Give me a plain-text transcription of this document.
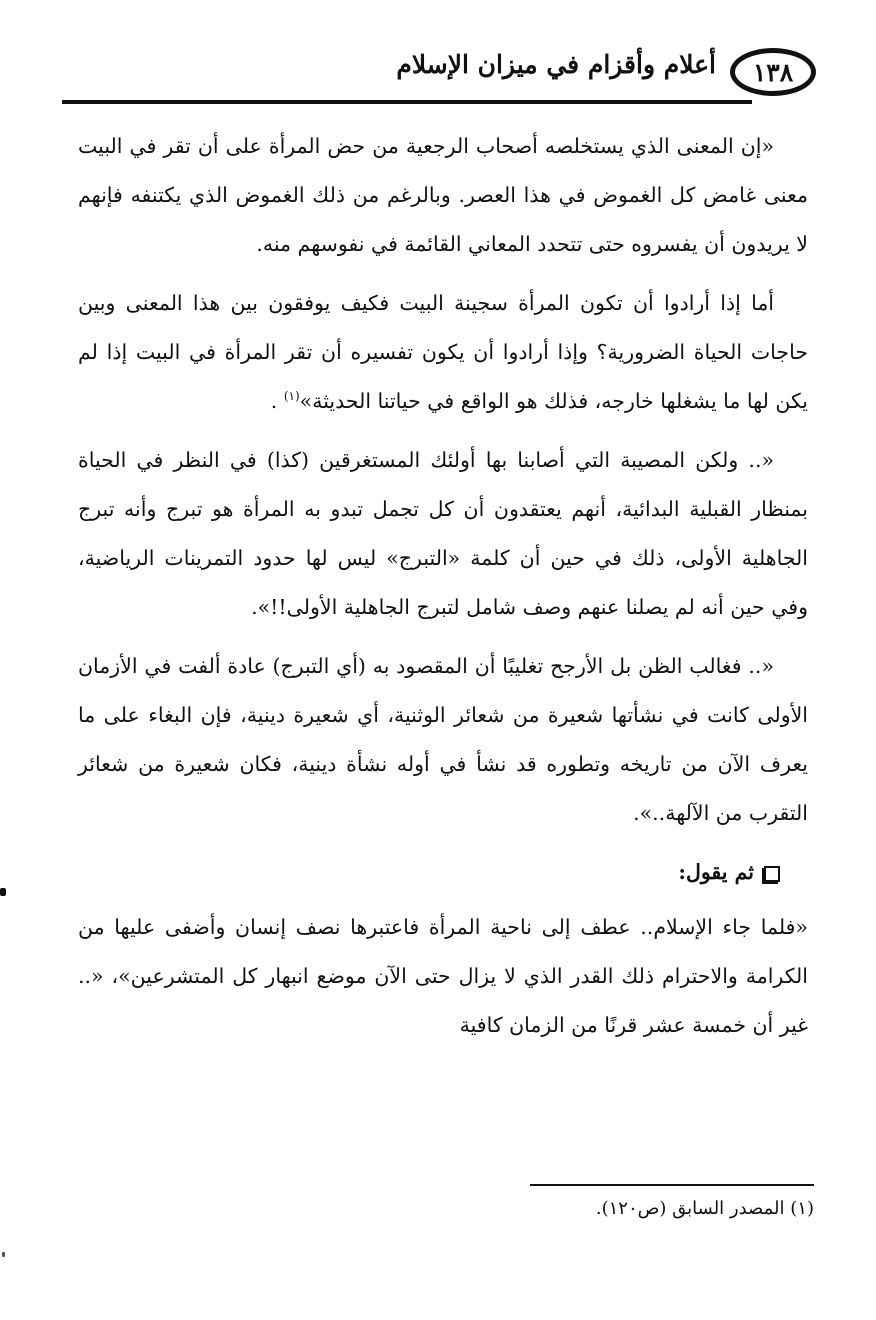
١٣٨
أعلام وأقزام في ميزان الإسلام

«إن المعنى الذي يستخلصه أصحاب الرجعية من حض المرأة على أن تقر في البيت معنى غامض كل الغموض في هذا العصر. وبالرغم من ذلك الغموض الذي يكتنفه فإنهم لا يريدون أن يفسروه حتى تتحدد المعاني القائمة في نفوسهم منه.

أما إذا أرادوا أن تكون المرأة سجينة البيت فكيف يوفقون بين هذا المعنى وبين حاجات الحياة الضرورية؟ وإذا أرادوا أن يكون تفسيره أن تقر المرأة في البيت إذا لم يكن لها ما يشغلها خارجه، فذلك هو الواقع في حياتنا الحديثة»$^{(١)}$ .

«.. ولكن المصيبة التي أصابنا بها أولئك المستغرقين (كذا) في النظر في الحياة بمنظار القبلية البدائية، أنهم يعتقدون أن كل تجمل تبدو به المرأة هو تبرج وأنه تبرج الجاهلية الأولى، ذلك في حين أن كلمة «التبرج» ليس لها حدود التمرينات الرياضية، وفي حين أنه لم يصلنا عنهم وصف شامل لتبرج الجاهلية الأولى!!».

«.. فغالب الظن بل الأرجح تغليبًا أن المقصود به (أي التبرج) عادة ألفت في الأزمان الأولى كانت في نشأتها شعيرة من شعائر الوثنية، أي شعيرة دينية، فإن البغاء على ما يعرف الآن من تاريخه وتطوره قد نشأ في أوله نشأة دينية، فكان شعيرة من شعائر التقرب من الآلهة..».

ثم يقول:

«فلما جاء الإسلام.. عطف إلى ناحية المرأة فاعتبرها نصف إنسان وأضفى عليها من الكرامة والاحترام ذلك القدر الذي لا يزال حتى الآن موضع انبهار كل المتشرعين»، «.. غير أن خمسة عشر قرنًا من الزمان كافية

(١) المصدر السابق (ص١٢٠).
